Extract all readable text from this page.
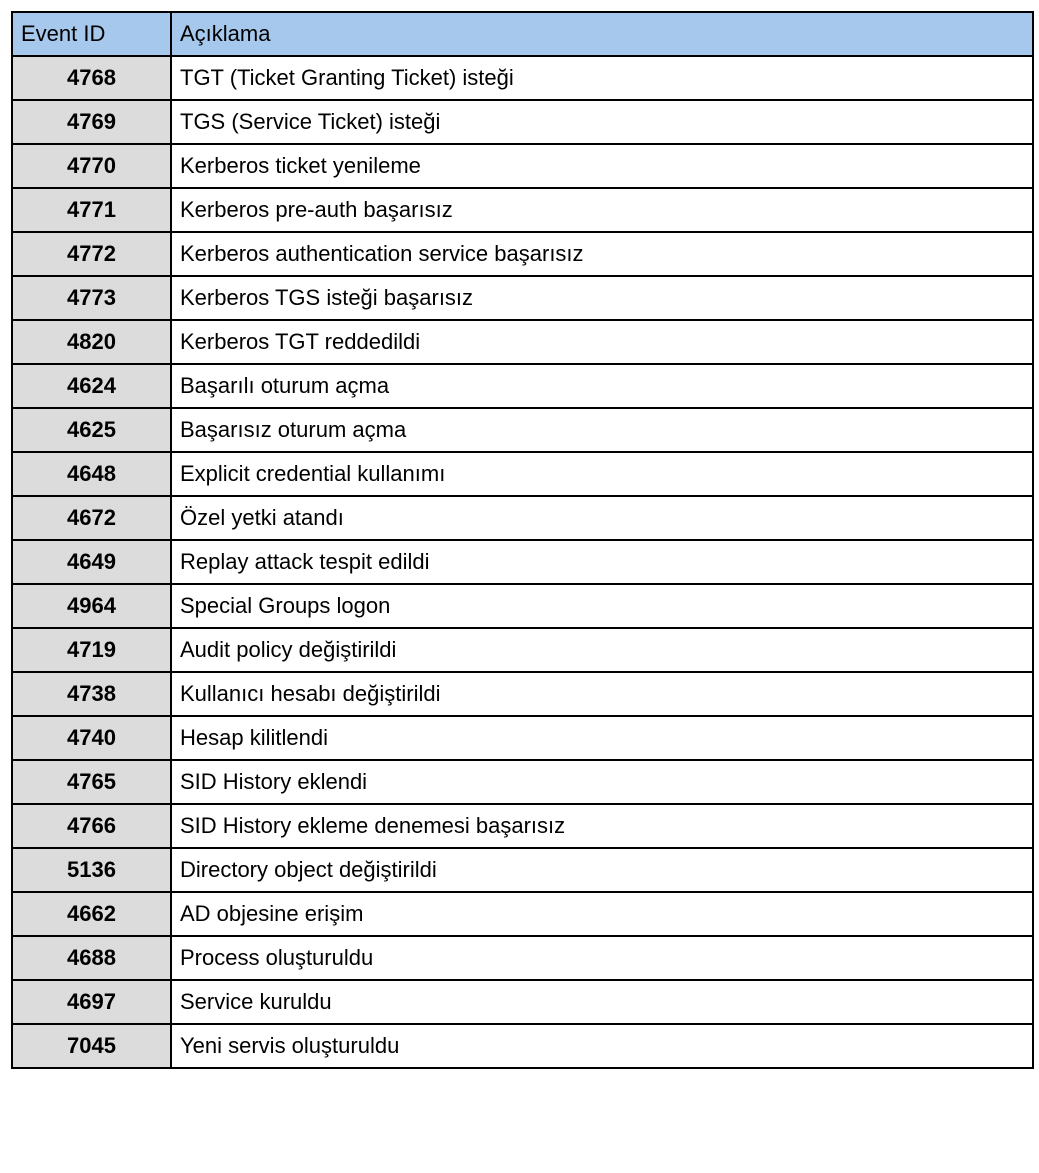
Event ID	Açıklama
4768	TGT (Ticket Granting Ticket) isteği
4769	TGS (Service Ticket) isteği
4770	Kerberos ticket yenileme
4771	Kerberos pre-auth başarısız
4772	Kerberos authentication service başarısız
4773	Kerberos TGS isteği başarısız
4820	Kerberos TGT reddedildi
4624	Başarılı oturum açma
4625	Başarısız oturum açma
4648	Explicit credential kullanımı
4672	Özel yetki atandı
4649	Replay attack tespit edildi
4964	Special Groups logon
4719	Audit policy değiştirildi
4738	Kullanıcı hesabı değiştirildi
4740	Hesap kilitlendi
4765	SID History eklendi
4766	SID History ekleme denemesi başarısız
5136	Directory object değiştirildi
4662	AD objesine erişim
4688	Process oluşturuldu
4697	Service kuruldu
7045	Yeni servis oluşturuldu
